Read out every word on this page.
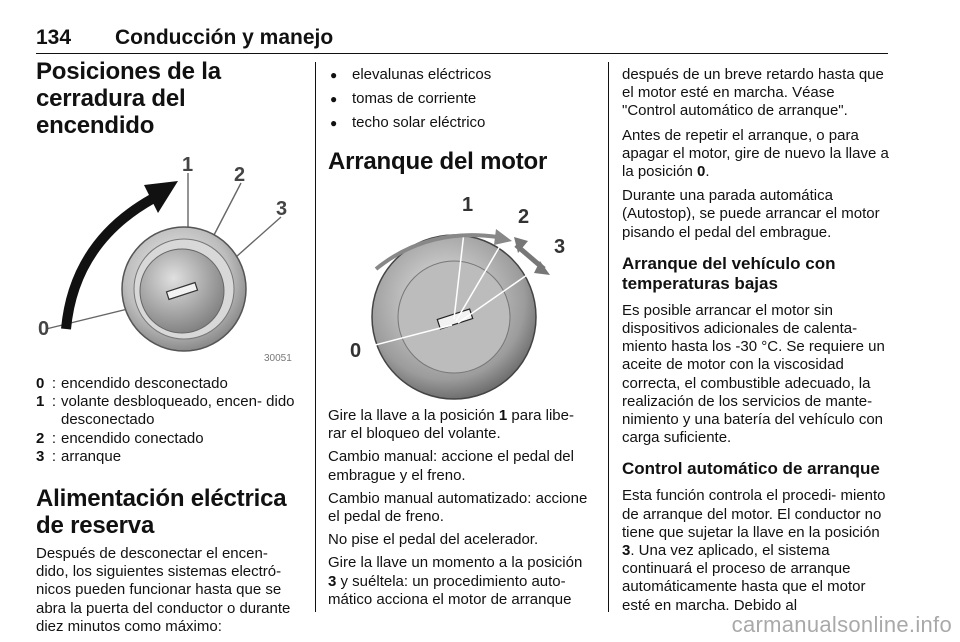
134 Conducción y manejo
Posiciones de la cerradura del encendido
1 2
3
0
30051
0 : encendido desconectado
1 : volante desbloqueado, encen- dido desconectado
2 : encendido conectado
3 : arranque
Alimentación eléctrica de reserva

Después de desconectar el encen- dido, los siguientes sistemas electró- nicos pueden funcionar hasta que se abra la puerta del conductor o durante diez minutos como máximo:

● elevalunas eléctricos
● tomas de corriente
● techo solar eléctrico
Arranque del motor
1
2
3
0

Gire la llave a la posición 1 para libe- rar el bloqueo del volante.

Cambio manual: accione el pedal del embrague y el freno.

Cambio manual automatizado: accione el pedal de freno.

No pise el pedal del acelerador.

Gire la llave un momento a la posición 3 y suéltela: un procedimiento auto- mático acciona el motor de arranque

después de un breve retardo hasta que el motor esté en marcha. Véase "Control automático de arranque".

Antes de repetir el arranque, o para apagar el motor, gire de nuevo la llave a la posición 0.

Durante una parada automática (Autostop), se puede arrancar el motor pisando el pedal del embrague.

Arranque del vehículo con temperaturas bajas

Es posible arrancar el motor sin dispositivos adicionales de calenta- miento hasta los -30 °C. Se requiere un aceite de motor con la viscosidad correcta, el combustible adecuado, la realización de los servicios de mante- nimiento y una batería del vehículo con carga suficiente.

Control automático de arranque

Esta función controla el procedi- miento de arranque del motor. El conductor no tiene que sujetar la llave en la posición 3. Una vez aplicado, el sistema continuará el proceso de arranque automáticamente hasta que el motor esté en marcha. Debido al

carmanualsonline.info
